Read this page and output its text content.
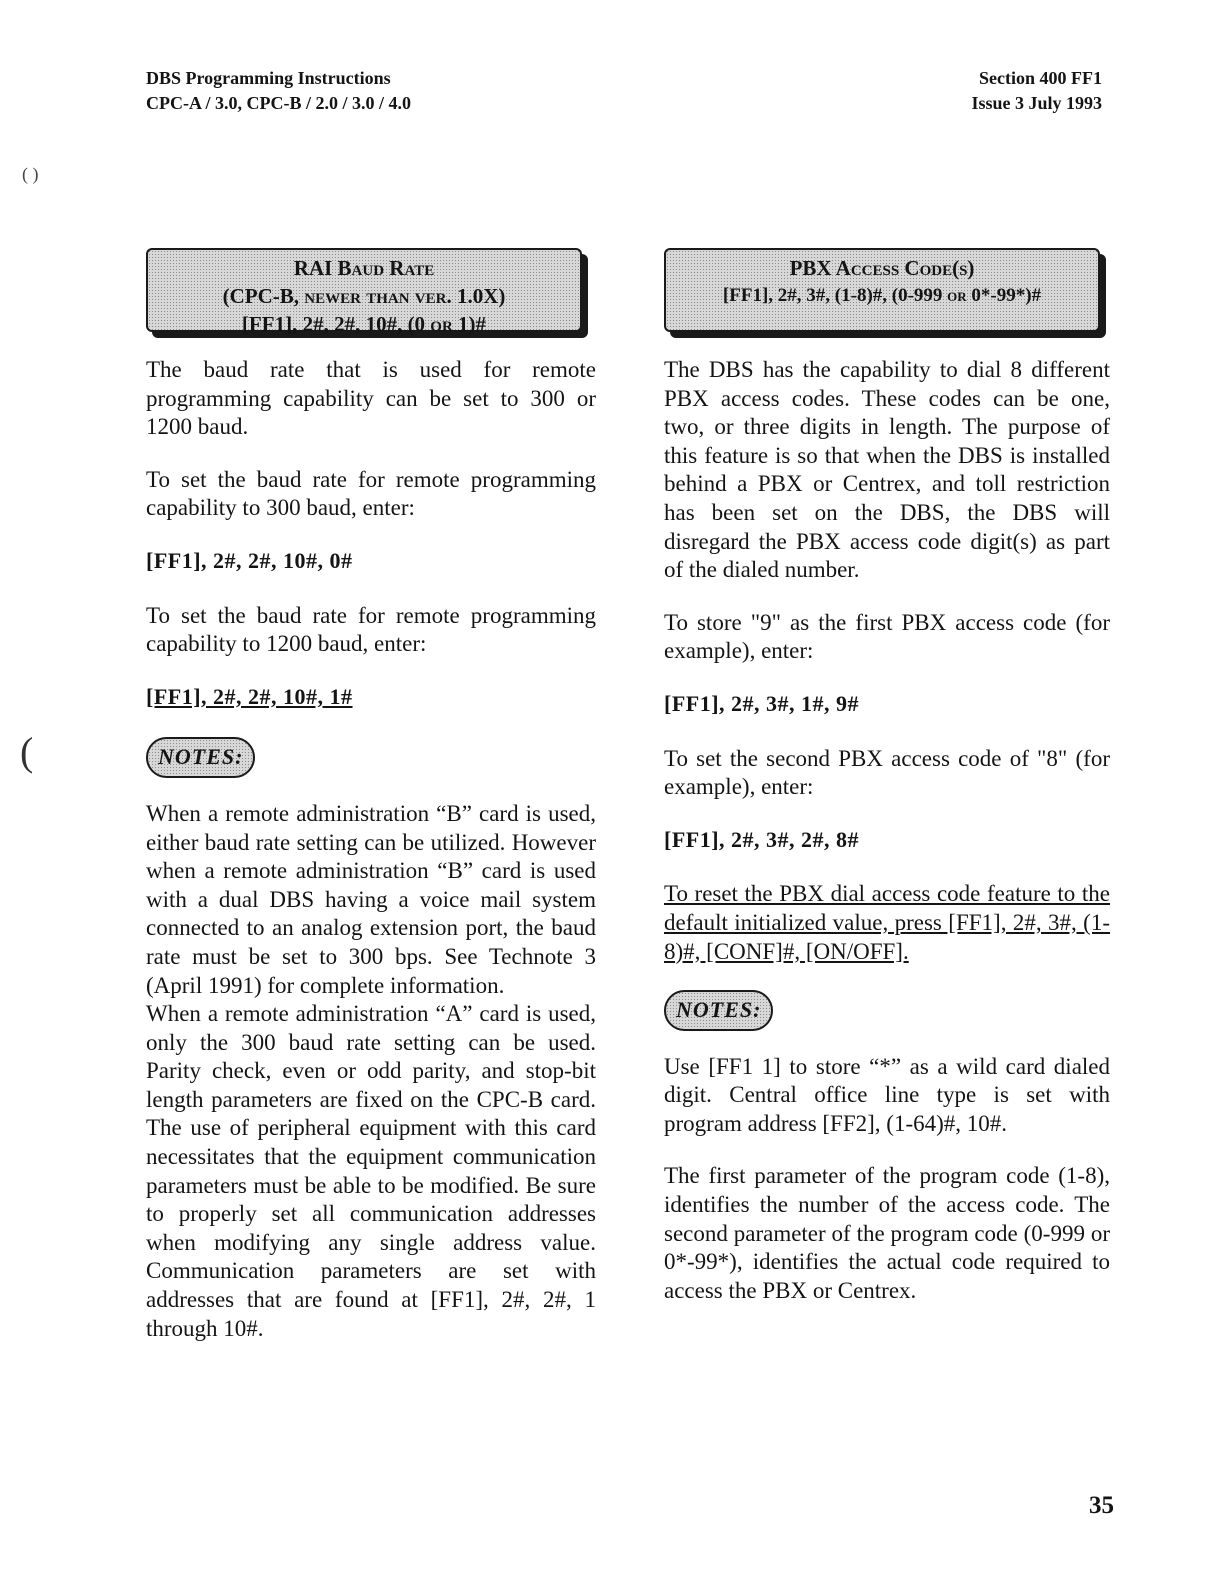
DBS Programming Instructions
CPC-A / 3.0, CPC-B / 2.0 / 3.0 / 4.0
Section 400 FF1
Issue 3 July 1993
( )
(
RAI Baud Rate
(CPC-B, newer than ver. 1.0X)
[FF1], 2#, 2#, 10#, (0 or 1)#

The baud rate that is used for remote programming capability can be set to 300 or 1200 baud.

To set the baud rate for remote programming capability to 300 baud, enter:

[FF1], 2#, 2#, 10#, 0#

To set the baud rate for remote programming capability to 1200 baud, enter:

[FF1], 2#, 2#, 10#, 1#

NOTES:

When a remote administration “B” card is used, either baud rate setting can be utilized. However when a remote administration “B” card is used with a dual DBS having a voice mail system connected to an analog extension port, the baud rate must be set to 300 bps. See Technote 3 (April 1991) for complete information.

When a remote administration “A” card is used, only the 300 baud rate setting can be used. Parity check, even or odd parity, and stop-bit length parameters are fixed on the CPC-B card. The use of peripheral equipment with this card necessitates that the equipment communication parameters must be able to be modified. Be sure to properly set all communication addresses when modifying any single address value. Communication parameters are set with addresses that are found at [FF1], 2#, 2#, 1 through 10#.

PBX Access Code(s)
[FF1], 2#, 3#, (1-8)#, (0-999 or 0*-99*)#

The DBS has the capability to dial 8 different PBX access codes. These codes can be one, two, or three digits in length. The purpose of this feature is so that when the DBS is installed behind a PBX or Centrex, and toll restriction has been set on the DBS, the DBS will disregard the PBX access code digit(s) as part of the dialed number.

To store "9" as the first PBX access code (for example), enter:

[FF1], 2#, 3#, 1#, 9#

To set the second PBX access code of "8" (for example), enter:

[FF1], 2#, 3#, 2#, 8#

To reset the PBX dial access code feature to the default initialized value, press [FF1], 2#, 3#, (1-8)#, [CONF]#, [ON/OFF].

NOTES:

Use [FF1 1] to store “*” as a wild card dialed digit. Central office line type is set with program address [FF2], (1-64)#, 10#.

The first parameter of the program code (1-8), identifies the number of the access code. The second parameter of the program code (0-999 or 0*-99*), identifies the actual code required to access the PBX or Centrex.

35
